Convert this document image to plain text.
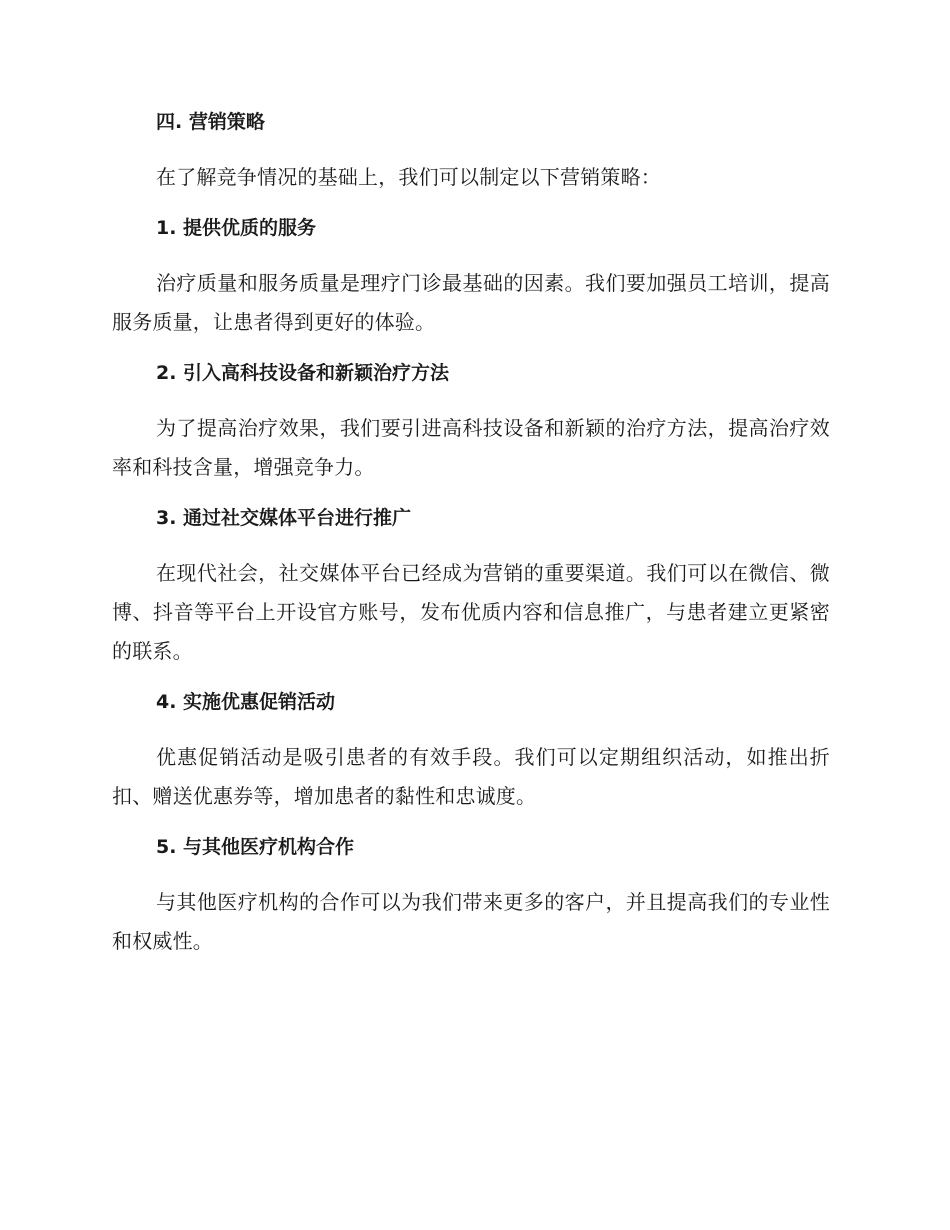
四. 营销策略

在了解竞争情况的基础上，我们可以制定以下营销策略：

1. 提供优质的服务

治疗质量和服务质量是理疗门诊最基础的因素。我们要加强员工培训，提高服务质量，让患者得到更好的体验。

2. 引入高科技设备和新颖治疗方法

为了提高治疗效果，我们要引进高科技设备和新颖的治疗方法，提高治疗效率和科技含量，增强竞争力。

3. 通过社交媒体平台进行推广

在现代社会，社交媒体平台已经成为营销的重要渠道。我们可以在微信、微博、抖音等平台上开设官方账号，发布优质内容和信息推广，与患者建立更紧密的联系。

4. 实施优惠促销活动

优惠促销活动是吸引患者的有效手段。我们可以定期组织活动，如推出折扣、赠送优惠券等，增加患者的黏性和忠诚度。

5. 与其他医疗机构合作

与其他医疗机构的合作可以为我们带来更多的客户，并且提高我们的专业性和权威性。
